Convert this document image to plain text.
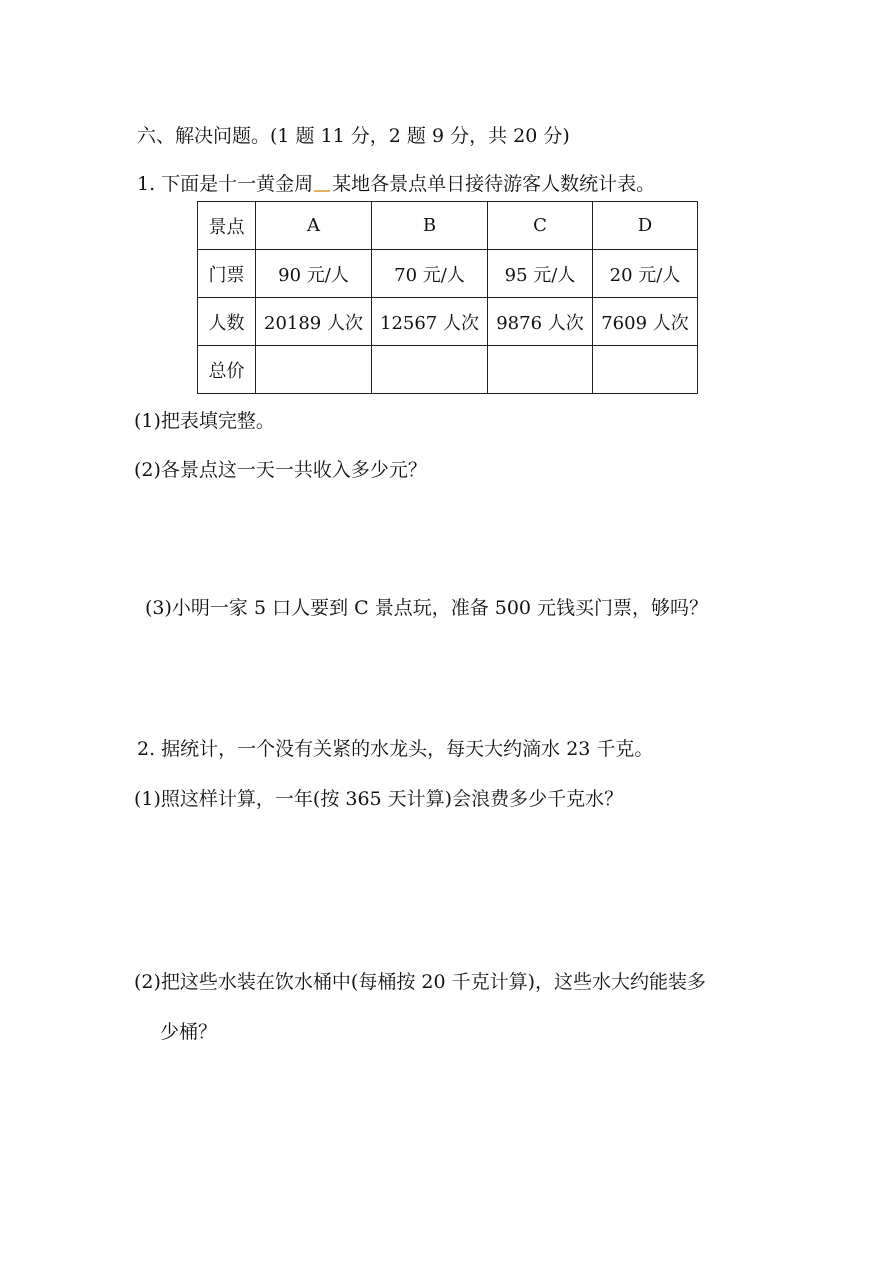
六、解决问题。(1 题 11 分，2 题 9 分，共 20 分)
1. 下面是十一黄金周 某地各景点单日接待游客人数统计表。
景点	A	B	C	D
门票	90 元/人	70 元/人	95 元/人	20 元/人
人数	20189 人次	12567 人次	9876 人次	7609 人次
总价				
(1)把表填完整。
(2)各景点这一天一共收入多少元？
(3)小明一家 5 口人要到 C 景点玩，准备 500 元钱买门票，够吗？
2. 据统计，一个没有关紧的水龙头，每天大约滴水 23 千克。
(1)照这样计算，一年(按 365 天计算)会浪费多少千克水？
(2)把这些水装在饮水桶中(每桶按 20 千克计算)，这些水大约能装多
少桶？
